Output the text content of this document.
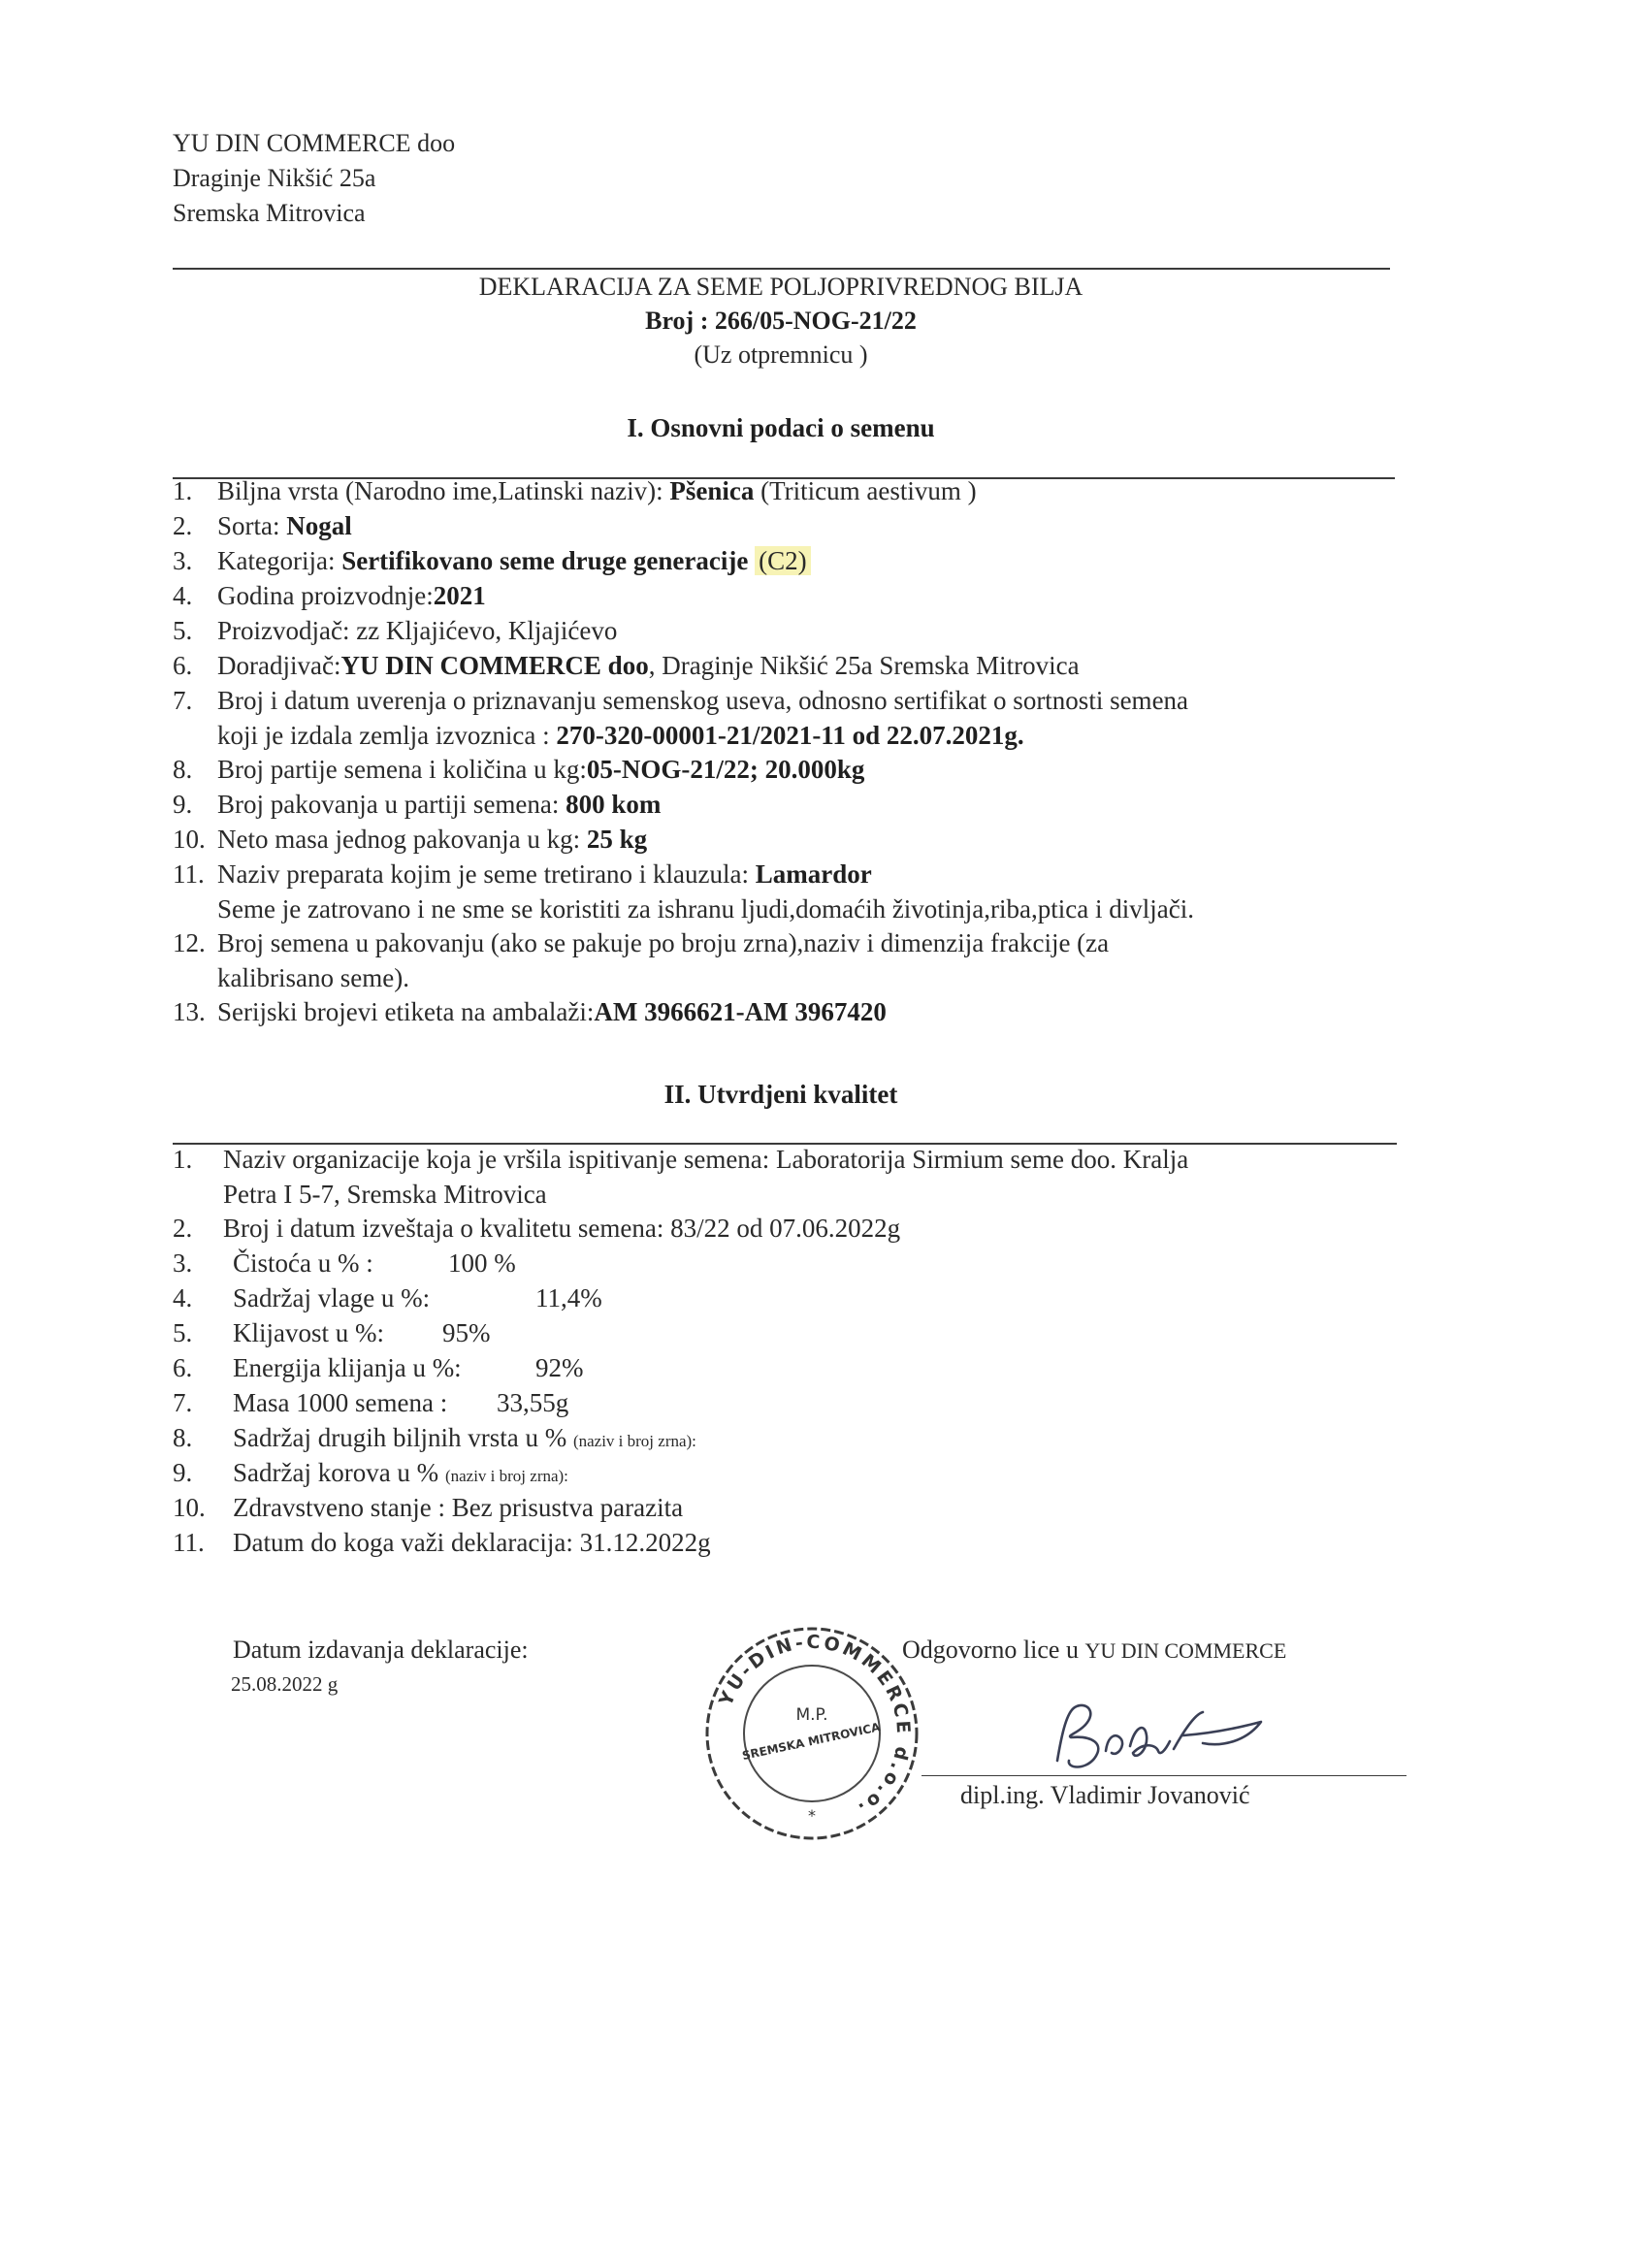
YU DIN COMMERCE doo
Draginje Nikšić 25a
Sremska Mitrovica
DEKLARACIJA ZA SEME POLJOPRIVREDNOG BILJA
Broj : 266/05-NOG-21/22
(Uz otpremnicu )
I. Osnovni podaci o semenu
1. Biljna vrsta (Narodno ime,Latinski naziv): Pšenica (Triticum aestivum )
2. Sorta: Nogal
3. Kategorija: Sertifikovano seme druge generacije (C2)
4. Godina proizvodnje:2021
5. Proizvodjač: zz Kljajićevo, Kljajićevo
6. Doradjivač:YU DIN COMMERCE doo, Draginje Nikšić 25a Sremska Mitrovica
7. Broj i datum uverenja o priznavanju semenskog useva, odnosno sertifikat o sortnosti semena
koji je izdala zemlja izvoznica : 270-320-00001-21/2021-11 od 22.07.2021g.
8. Broj partije semena i količina u kg:05-NOG-21/22; 20.000kg
9. Broj pakovanja u partiji semena: 800 kom
10. Neto masa jednog pakovanja u kg: 25 kg
11. Naziv preparata kojim je seme tretirano i klauzula: Lamardor
Seme je zatrovano i ne sme se koristiti za ishranu ljudi,domaćih životinja,riba,ptica i divljači.
12. Broj semena u pakovanju (ako se pakuje po broju zrna),naziv i dimenzija frakcije (za
kalibrisano seme).
13. Serijski brojevi etiketa na ambalaži:AM 3966621-AM 3967420
II. Utvrdjeni kvalitet
1. Naziv organizacije koja je vršila ispitivanje semena: Laboratorija Sirmium seme doo. Kralja
Petra I 5-7, Sremska Mitrovica
2. Broj i datum izveštaja o kvalitetu semena: 83/22 od 07.06.2022g
3. Čistoća u % :	100 %
4. Sadržaj vlage u %:	11,4%
5. Klijavost u %: 95%
6. Energija klijanja u %:	92%
7. Masa 1000 semena : 33,55g
8. Sadržaj drugih biljnih vrsta u % (naziv i broj zrna):
9. Sadržaj korova u % (naziv i broj zrna):
10. Zdravstveno stanje : Bez prisustva parazita
11. Datum do koga važi deklaracija: 31.12.2022g
Datum izdavanja deklaracije:
25.08.2022 g
Odgovorno lice u YU DIN COMMERCE
dipl.ing. Vladimir Jovanović
YU-DIN-COMMERCE d.o.o.
M.P.
SREMSKA MITROVICA
*
